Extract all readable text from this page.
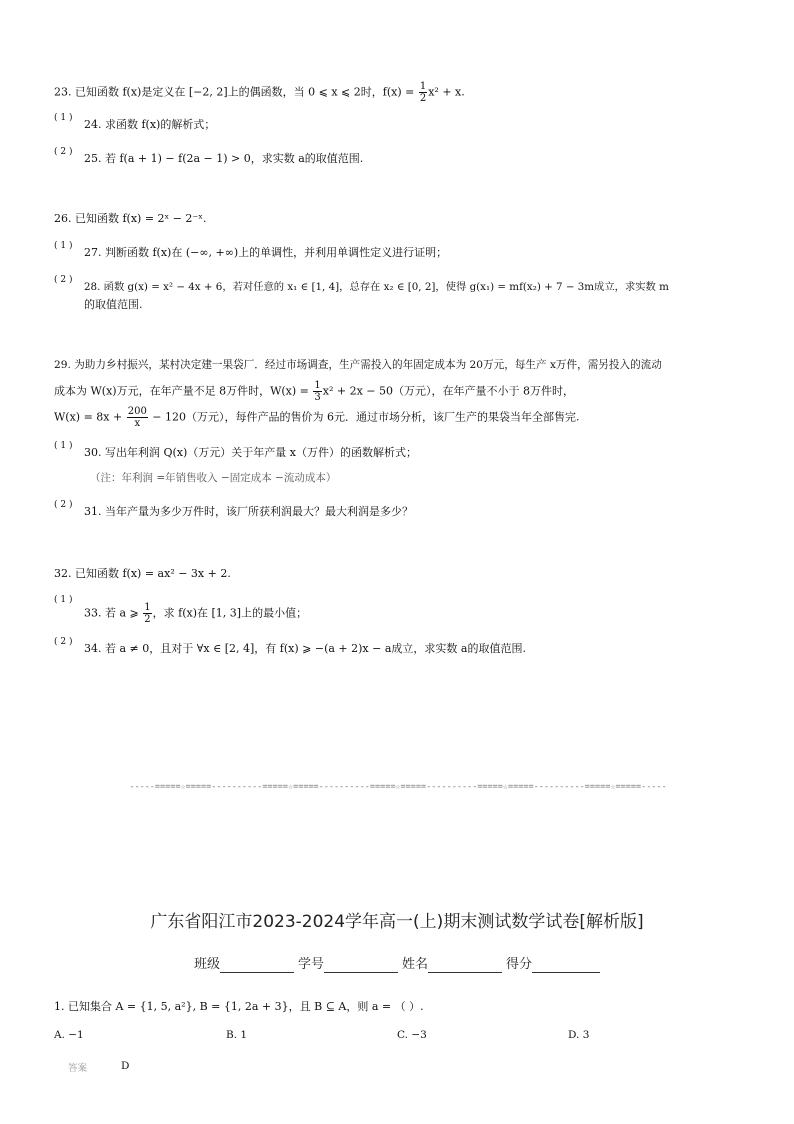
23. 已知函数 f(x)是定义在 [−2, 2]上的偶函数，当 0 ⩽ x ⩽ 2时，$f(x) = \frac{1}{2} x^2 + x$.
( 1 ) 24. 求函数 f(x)的解析式；
( 2 ) 25. 若 f(a + 1) − f(2a − 1) > 0，求实数 a的取值范围.
26. 已知函数 f(x) = 2ˣ − 2⁻ˣ.
( 1 ) 27. 判断函数 f(x)在 (−∞, +∞)上的单调性，并利用单调性定义进行证明；
( 2 )
28. 函数 g(x) = x² − 4x + 6，若对任意的 x₁ ∈ [1, 4]，总存在 x₂ ∈ [0, 2]，使得 g(x₁) = mf(x₂) + 7 − 3m成立，求实数 m
的取值范围.
29. 为助力乡村振兴，某村决定建一果袋厂．经过市场调查，生产需投入的年固定成本为 20万元，每生产 x万件，需另投入的流动
成本为 W(x)万元，在年产量不足 8万件时，$W(x) = \frac{1}{3} x^2 + 2x - 50$（万元），在年产量不小于 8万件时，
$W(x) = 8x + \frac{200}{x} - 120$（万元），每件产品的售价为 6元．通过市场分析，该厂生产的果袋当年全部售完.
( 1 ) 30. 写出年利润 Q(x)（万元）关于年产量 x（万件）的函数解析式；
（注：年利润 =年销售收入 −固定成本 −流动成本）
( 2 ) 31. 当年产量为多少万件时，该厂所获利润最大？最大利润是多少？
32. 已知函数 f(x) = ax² − 3x + 2.
( 1 )
33. 若 a ⩾ $\frac{1}{2}$ ，求 f(x)在 [1, 3]上的最小值；
( 2 ) 34. 若 a ≠ 0，且对于 ∀x ∈ [2, 4]，有 f(x) ⩾ −(a + 2)x − a成立，求实数 a的取值范围.
-----=====☆=====----------=====☆=====----------=====☆=====----------=====☆=====----------=====☆=====-----
广东省阳江市2023-2024学年高一(上)期末测试数学试卷[解析版]
班级	学号	姓名	得分
1. 已知集合 A = {1, 5, a²}, B = {1, 2a + 3}，且 B ⊆ A，则 a = （ ）.
A. −1	B. 1	C. −3	D. 3
答案	D
